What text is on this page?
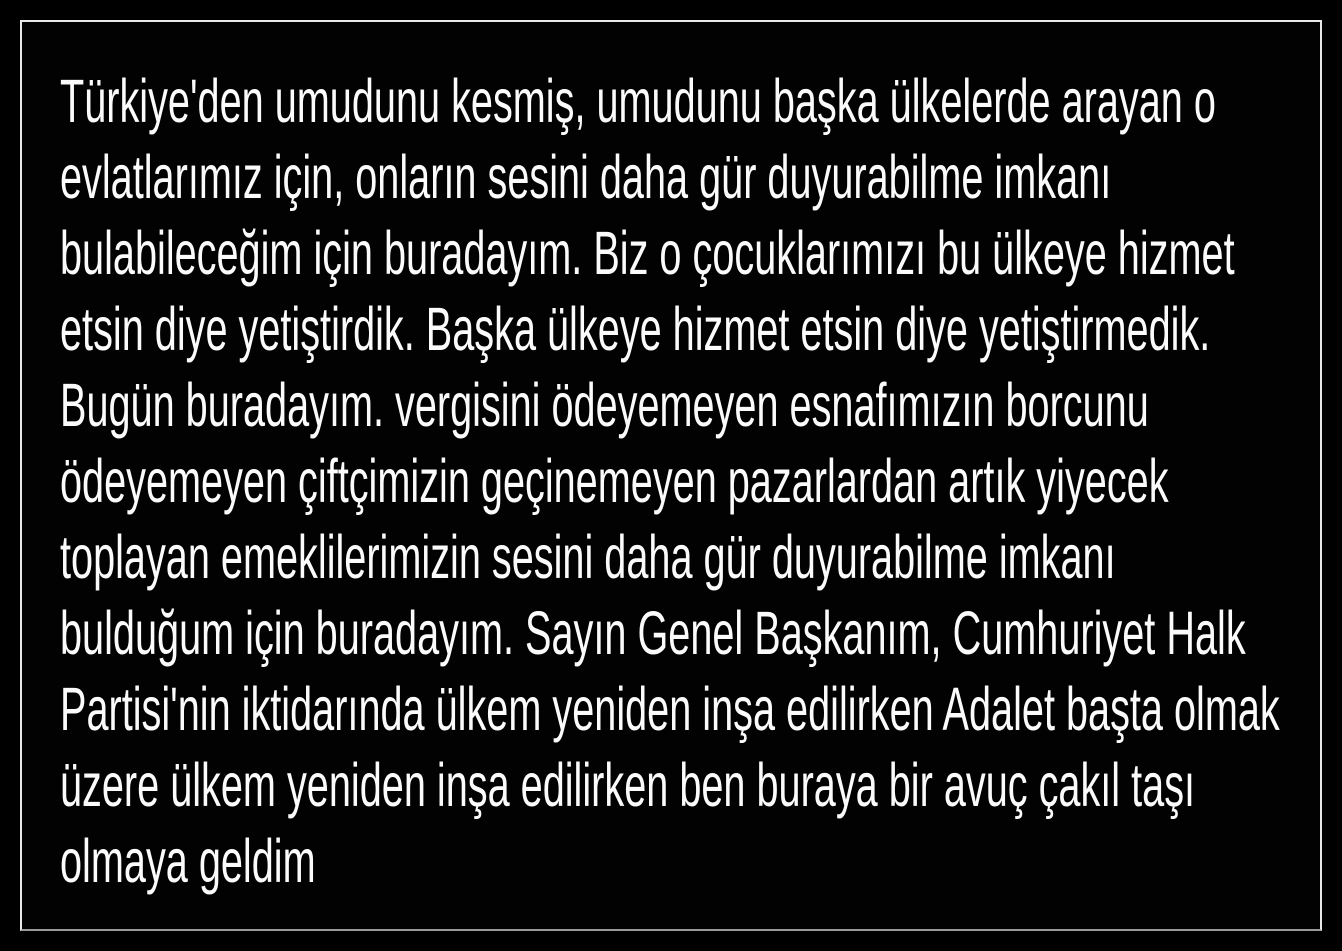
Türkiye'den umudunu kesmiş, umudunu başka ülkelerde arayan o
evlatlarımız için, onların sesini daha gür duyurabilme imkanı
bulabileceğim için buradayım. Biz o çocuklarımızı bu ülkeye hizmet
etsin diye yetiştirdik. Başka ülkeye hizmet etsin diye yetiştirmedik.
Bugün buradayım. vergisini ödeyemeyen esnafımızın borcunu
ödeyemeyen çiftçimizin geçinemeyen pazarlardan artık yiyecek
toplayan emeklilerimizin sesini daha gür duyurabilme imkanı
bulduğum için buradayım. Sayın Genel Başkanım, Cumhuriyet Halk
Partisi'nin iktidarında ülkem yeniden inşa edilirken Adalet başta olmak
üzere ülkem yeniden inşa edilirken ben buraya bir avuç çakıl taşı
olmaya geldim
